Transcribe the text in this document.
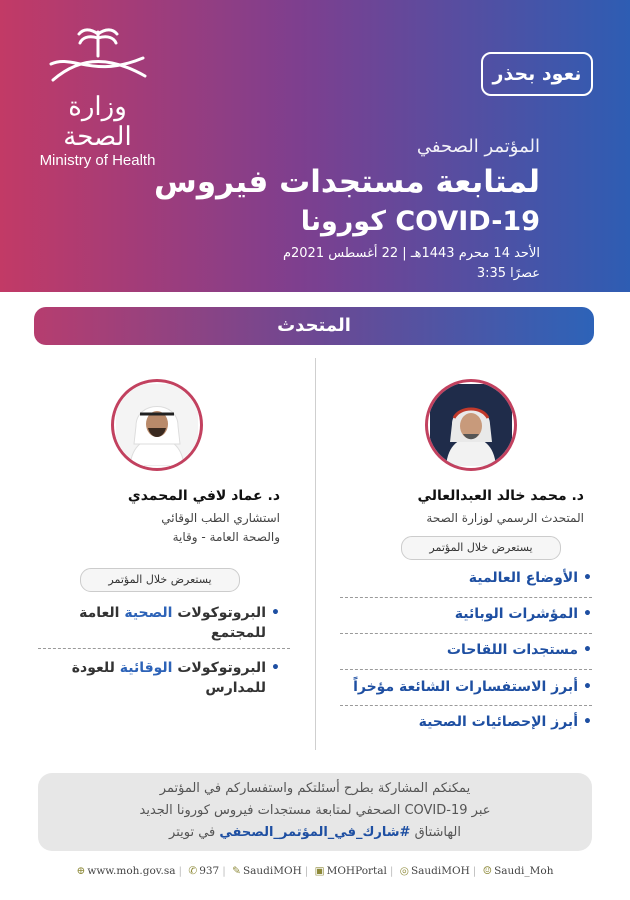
وزارة الصحة
Ministry of Health
نعود بحذر
المؤتمر الصحفي
لمتابعة مستجدات فيروس
كورونا COVID-19
الأحد 14 محرم 1443هـ | 22 أغسطس 2021م
3:35 عصرًا
المتحدث
د. محمد خالد العبدالعالي
المتحدث الرسمي لوزارة الصحة
يستعرض خلال المؤتمر
الأوضاع العالمية •
المؤشرات الوبائية •
مستجدات اللقاحات •
أبرز الاستفسارات الشائعة مؤخراً •
أبرز الإحصائيات الصحية •
د. عماد لافي المحمدي
استشاري الطب الوقائي
والصحة العامة - وقاية
يستعرض خلال المؤتمر
البروتوكولات الصحية العامة للمجتمع •
البروتوكولات الوقائية للعودة للمدارس •
يمكنكم المشاركة بطرح أسئلتكم واستفساركم في المؤتمر
الصحفي لمتابعة مستجدات فيروس كورونا الجديد COVID-19 عبر
الهاشتاق #شارك_في_المؤتمر_الصحفي في تويتر
⊕ www.moh.gov.sa | ✆ 937 | ✎ SaudiMOH | ▣ MOHPortal | ◎ SaudiMOH | ☺ Saudi_Moh
